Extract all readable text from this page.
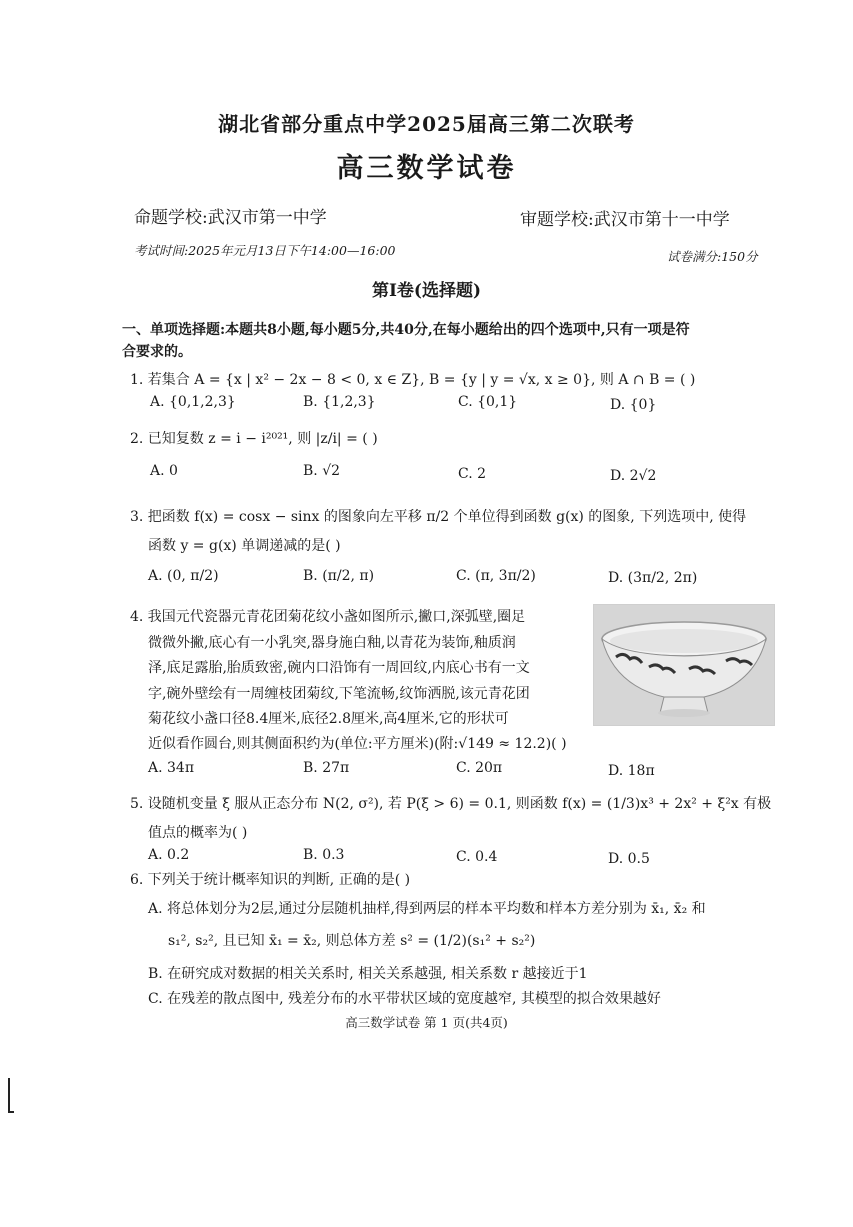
湖北省部分重点中学2025届高三第二次联考
高三数学试卷
命题学校:武汉市第一中学	审题学校:武汉市第十一中学
考试时间:2025年元月13日下午14:00—16:00	试卷满分:150分
第Ⅰ卷(选择题)
一、单项选择题:本题共8小题,每小题5分,共40分,在每小题给出的四个选项中,只有一项是符
合要求的。
1. 若集合 A = {x | x² − 2x − 8 < 0, x ∈ Z}, B = {y | y = √x, x ≥ 0}, 则 A ∩ B = ( )
A. {0,1,2,3}	B. {1,2,3}	C. {0,1}	D. {0}
2. 已知复数 z = i − i²⁰²¹, 则 |z/i| = ( )
A. 0	B. √2	C. 2	D. 2√2
3. 把函数 f(x) = cosx − sinx 的图象向左平移 π/2 个单位得到函数 g(x) 的图象, 下列选项中, 使得
函数 y = g(x) 单调递减的是( )
A. (0, π/2)	B. (π/2, π)	C. (π, 3π/2)	D. (3π/2, 2π)
4. 我国元代瓷器元青花团菊花纹小盏如图所示,撇口,深弧壁,圈足
微微外撇,底心有一小乳突,器身施白釉,以青花为装饰,釉质润
泽,底足露胎,胎质致密,碗内口沿饰有一周回纹,内底心书有一文
字,碗外壁绘有一周缠枝团菊纹,下笔流畅,纹饰洒脱,该元青花团
菊花纹小盏口径8.4厘米,底径2.8厘米,高4厘米,它的形状可
近似看作圆台,则其侧面积约为(单位:平方厘米)(附:√149 ≈ 12.2)( )
A. 34π	B. 27π	C. 20π	D. 18π
5. 设随机变量 ξ 服从正态分布 N(2, σ²), 若 P(ξ > 6) = 0.1, 则函数 f(x) = (1/3)x³ + 2x² + ξ²x 有极
值点的概率为( )
A. 0.2	B. 0.3	C. 0.4	D. 0.5
6. 下列关于统计概率知识的判断, 正确的是( )
A. 将总体划分为2层,通过分层随机抽样,得到两层的样本平均数和样本方差分别为 x̄₁, x̄₂ 和
s₁², s₂², 且已知 x̄₁ = x̄₂, 则总体方差 s² = (1/2)(s₁² + s₂²)
B. 在研究成对数据的相关关系时, 相关关系越强, 相关系数 r 越接近于1
C. 在残差的散点图中, 残差分布的水平带状区域的宽度越窄, 其模型的拟合效果越好
高三数学试卷 第 1 页(共4页)
